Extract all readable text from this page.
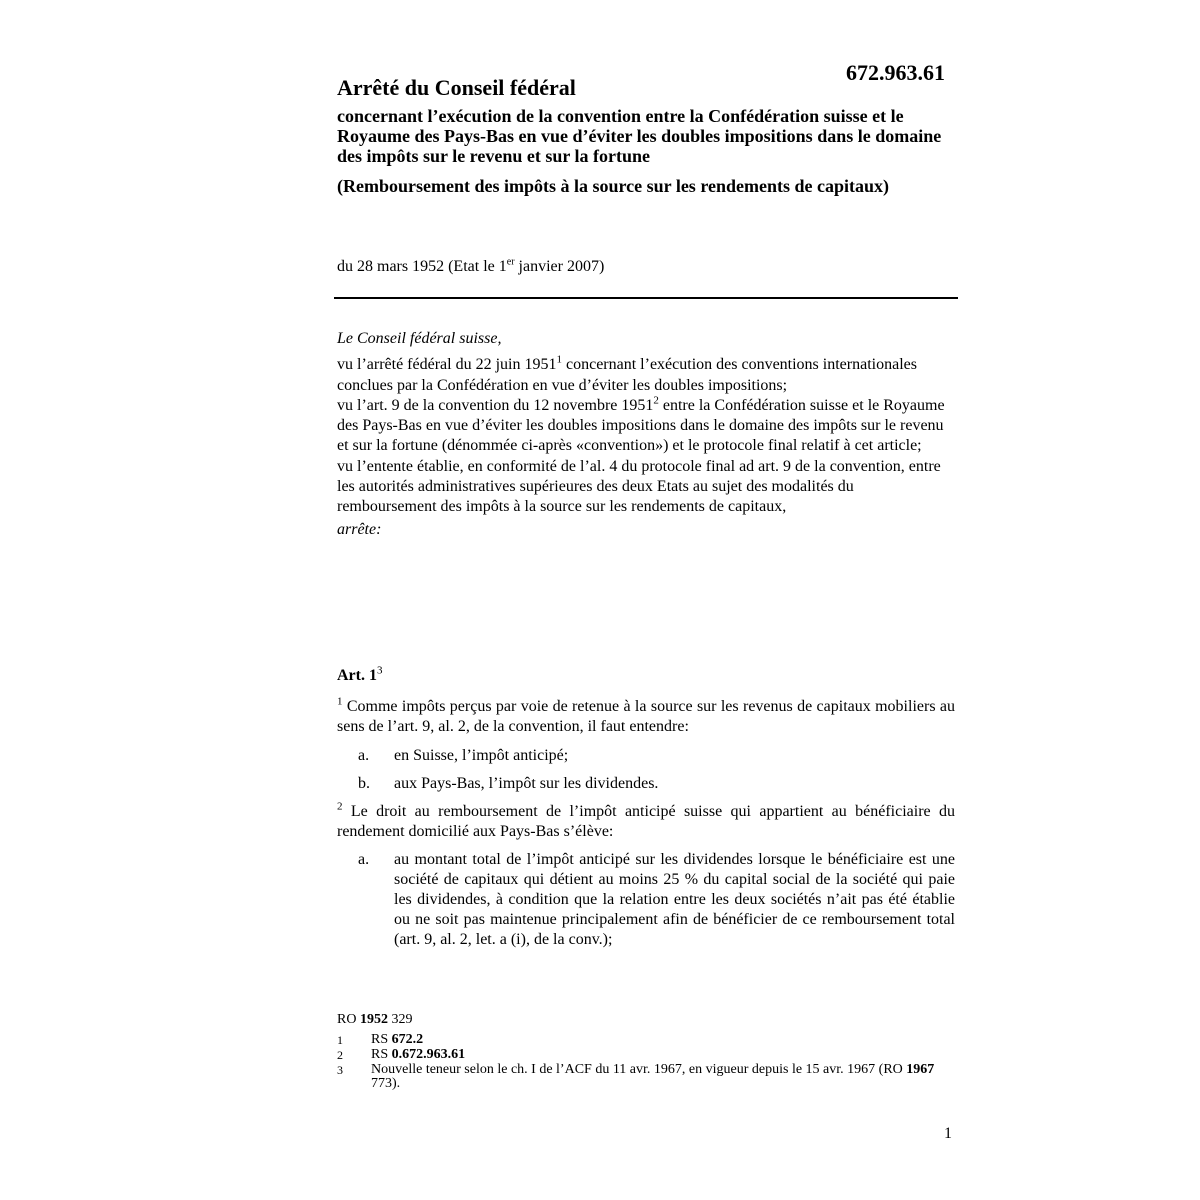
672.963.61
Arrêté du Conseil fédéral
concernant l’exécution de la convention entre la Confédération suisse et le Royaume des Pays-Bas en vue d’éviter les doubles impositions dans le domaine des impôts sur le revenu et sur la fortune
(Remboursement des impôts à la source sur les rendements de capitaux)
du 28 mars 1952 (Etat le 1er janvier 2007)
Le Conseil fédéral suisse,
vu l’arrêté fédéral du 22 juin 1951$^1$ concernant l’exécution des conventions internationales conclues par la Confédération en vue d’éviter les doubles impositions;
vu l’art. 9 de la convention du 12 novembre 1951$^2$ entre la Confédération suisse et le Royaume des Pays-Bas en vue d’éviter les doubles impositions dans le domaine des impôts sur le revenu et sur la fortune (dénommée ci-après «convention») et le protocole final relatif à cet article;
vu l’entente établie, en conformité de l’al. 4 du protocole final ad art. 9 de la convention, entre les autorités administratives supérieures des deux Etats au sujet des modalités du remboursement des impôts à la source sur les rendements de capitaux,
arrête:
Art. $1^3$
$^1$ Comme impôts perçus par voie de retenue à la source sur les revenus de capitaux mobiliers au sens de l’art. 9, al. 2, de la convention, il faut entendre:
a. en Suisse, l’impôt anticipé;
b. aux Pays-Bas, l’impôt sur les dividendes.
$^2$ Le droit au remboursement de l’impôt anticipé suisse qui appartient au bénéficiaire du rendement domicilié aux Pays-Bas s’élève:
a. au montant total de l’impôt anticipé sur les dividendes lorsque le bénéficiaire est une société de capitaux qui détient au moins 25 % du capital social de la société qui paie les dividendes, à condition que la relation entre les deux sociétés n’ait pas été établie ou ne soit pas maintenue principalement afin de bénéficier de ce remboursement total (art. 9, al. 2, let. a (i), de la conv.);
RO 1952 329
1 RS 672.2
2 RS 0.672.963.61
3 Nouvelle teneur selon le ch. I de l’ACF du 11 avr. 1967, en vigueur depuis le 15 avr. 1967 (RO 1967 773).
1
